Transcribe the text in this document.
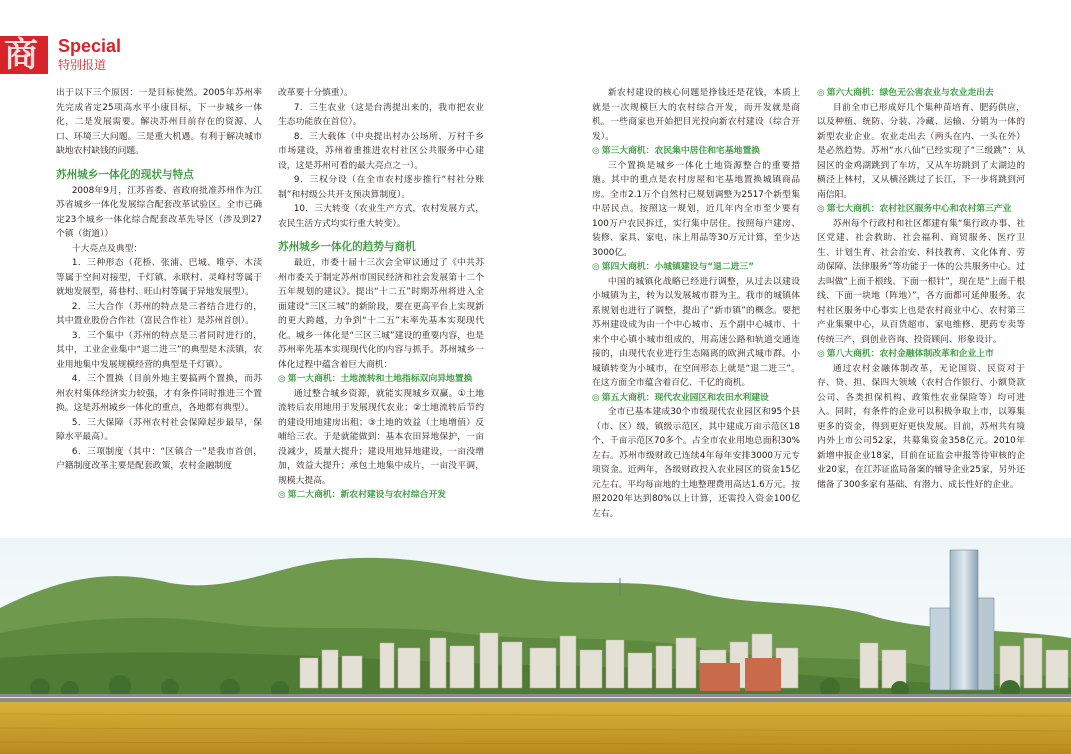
商 Special
特别报道

出于以下三个原因：一是目标使然。2005年苏州率先完成省定25项高水平小康目标，下一步城乡一体化，二是发展需要。解决苏州目前存在的资源、人口、环境三大问题。三是重大机遇。有利于解决城市缺地农村缺钱的问题。

苏州城乡一体化的现状与特点

2008年9月，江苏省委、省政府批准苏州作为江苏省城乡一体化发展综合配套改革试验区。全市已确定23个城乡一体化综合配套改革先导区（涉及到27个镇（街道））

十大亮点及典型：

1．三种形态（花桥、张浦、巴城、唯亭、木渎等属于空间对接型，千灯镇、永联村、灵峰村等属于就地发展型，蒋巷村、旺山村等属于异地发展型）。

2．三大合作（苏州的特点是三者结合进行的，其中置业股份合作社（富民合作社）是苏州首创）。

3．三个集中（苏州的特点是三者同时进行的，其中，工业企业集中“退二进三”的典型是木渎镇，农业用地集中发展规模经营的典型是千灯镇）。

4．三个置换（目前外地主要搞两个置换，而苏州农村集体经济实力较强，才有条件同时推进三个置换。这是苏州城乡一体化的重点，各地都有典型）。

5．三大保障（苏州农村社会保障起步最早，保障水平最高）。

6．三项制度（其中：“区镇合一”是我市首创，户籍制度改革主要是配套政策，农村金融制度

改革要十分慎重）。

7．三生农业（这是台湾提出来的，我市把农业生态功能放在首位）。

8．三大载体（中央提出村办公场所、万村千乡市场建设，苏州着重推进农村社区公共服务中心建设，这是苏州可看的最大亮点之一）。

9．三权分设（在全市农村逐步推行“村社分账制”和村级公共开支预决算制度）。

10．三大转变（农业生产方式，农村发展方式，农民生活方式均实行重大转变）。

苏州城乡一体化的趋势与商机

最近，市委十届十三次会全审议通过了《中共苏州市委关于制定苏州市国民经济和社会发展第十二个五年规划的建议》。提出“十二五”时期苏州将进入全面建设“三区三城”的新阶段，要在更高平台上实现新的更大跨越，力争到“十二五”末率先基本实现现代化。城乡一体化是“三区三城”建设的重要内容，也是苏州率先基本实现现代化的内容与抓手。苏州城乡一体化过程中蕴含着巨大商机：

◎ 第一大商机：土地流转和土地指标双向异地置换

通过整合城乡资源，就能实现城乡双赢。①土地流转后农用地用于发展现代农业；②土地流转后节约的建设用地建房出租；③土地的效益（土地增值）反哺给三农。于是就能做到：基本农田异地保护，一亩没减少，质量大提升；建设用地异地建设，一亩没增加，效益大提升；承包土地集中成片，一亩没平调，规模大提高。

◎ 第二大商机：新农村建设与农村综合开发

新农村建设的核心问题是挣钱还是花钱，本质上就是一次规模巨大的农村综合开发，而开发就是商机。一些商家也开始把目光投向新农村建设（综合开发）。

◎ 第三大商机：农民集中居住和宅基地置换

三个置换是城乡一体化土地资源整合的重要措施。其中的重点是农村房屋和宅基地置换城镇商品房。全市2.1万个自然村已规划调整为2517个新型集中居民点。按照这一规划，近几年内全市至少要有100万户农民拆迁，实行集中居住。按照每户建房、装修、家具、家电、床上用品等30万元计算，至少达3000亿。

◎ 第四大商机：小城镇建设与“退二进三”

中国的城镇化战略已经进行调整，从过去以建设小城镇为主，转为以发展城市群为主。我市的城镇体系规划也进行了调整，提出了“新市镇”的概念。要把苏州建设成为由一个中心城市、五个副中心城市、十来个中心镇小城市组成的，用高速公路和轨道交通连接的，由现代农业进行生态隔离的欧洲式城市群。小城镇转变为小城市，在空间形态上就是“退二进三”。在这方面全市蕴含着百亿、千亿的商机。

◎ 第五大商机：现代农业园区和农田水利建设

全市已基本建成30个市级现代农业园区和95个县（市、区）级、镇级示范区，其中建成万亩示范区18个、千亩示范区70多个。占全市农业用地总面积30%左右。苏州市级财政已连续4年每年安排3000万元专项资金。近两年，各级财政投入农业园区的资金15亿元左右。平均每亩地的土地整理费用高达1.6万元。按照2020年达到80%以上计算，还需投入资金100亿左右。

◎ 第六大商机：绿色无公害农业与农业走出去

目前全市已形成好几个集种苗培育、肥药供应，以及种植、统防、分装、冷藏、运输、分销为一体的新型农业企业。农业走出去（两头在内、一头在外）是必然趋势。苏州“水八仙”已经实现了“三级跳”：从园区的金鸡湖跳到了车坊，又从车坊跳到了太湖边的横泾上林村，又从横泾跳过了长江，下一步将跳到河南信阳。

◎ 第七大商机：农村社区服务中心和农村第三产业

苏州每个行政村和社区都建有集“集行政办事、社区党建、社会救助、社会福利、商贸服务、医疗卫生、计划生育、社会治安、科技教育、文化体育、劳动保障、法律服务”等功能于一体的公共服务中心。过去叫做“上面千根线、下面一根针”，现在是“上面千根线、下面一块地（阵地）”，各方面都可延伸服务。农村社区服务中心事实上也是农村商业中心、农村第三产业集聚中心，从百货超市、家电维修、肥药专卖等传统三产，到创业咨询、投资顾问、形象设计。

◎ 第八大商机：农村金融体制改革和企业上市

通过农村金融体制改革，无论国资、民资对于存、贷、担、保四大领域（农村合作银行、小额贷款公司、各类担保机构、政策性农业保险等）均可进入。同时，有条件的企业可以积极争取上市，以筹集更多的资金，得到更好更快发展。目前，苏州共有境内外上市公司52家，共募集资金358亿元。2010年新增申报企业18家，目前在证监会申报等待审核的企业20家，在江苏证监局备案的辅导企业25家，另外还储备了300多家有基础、有潜力、成长性好的企业。
